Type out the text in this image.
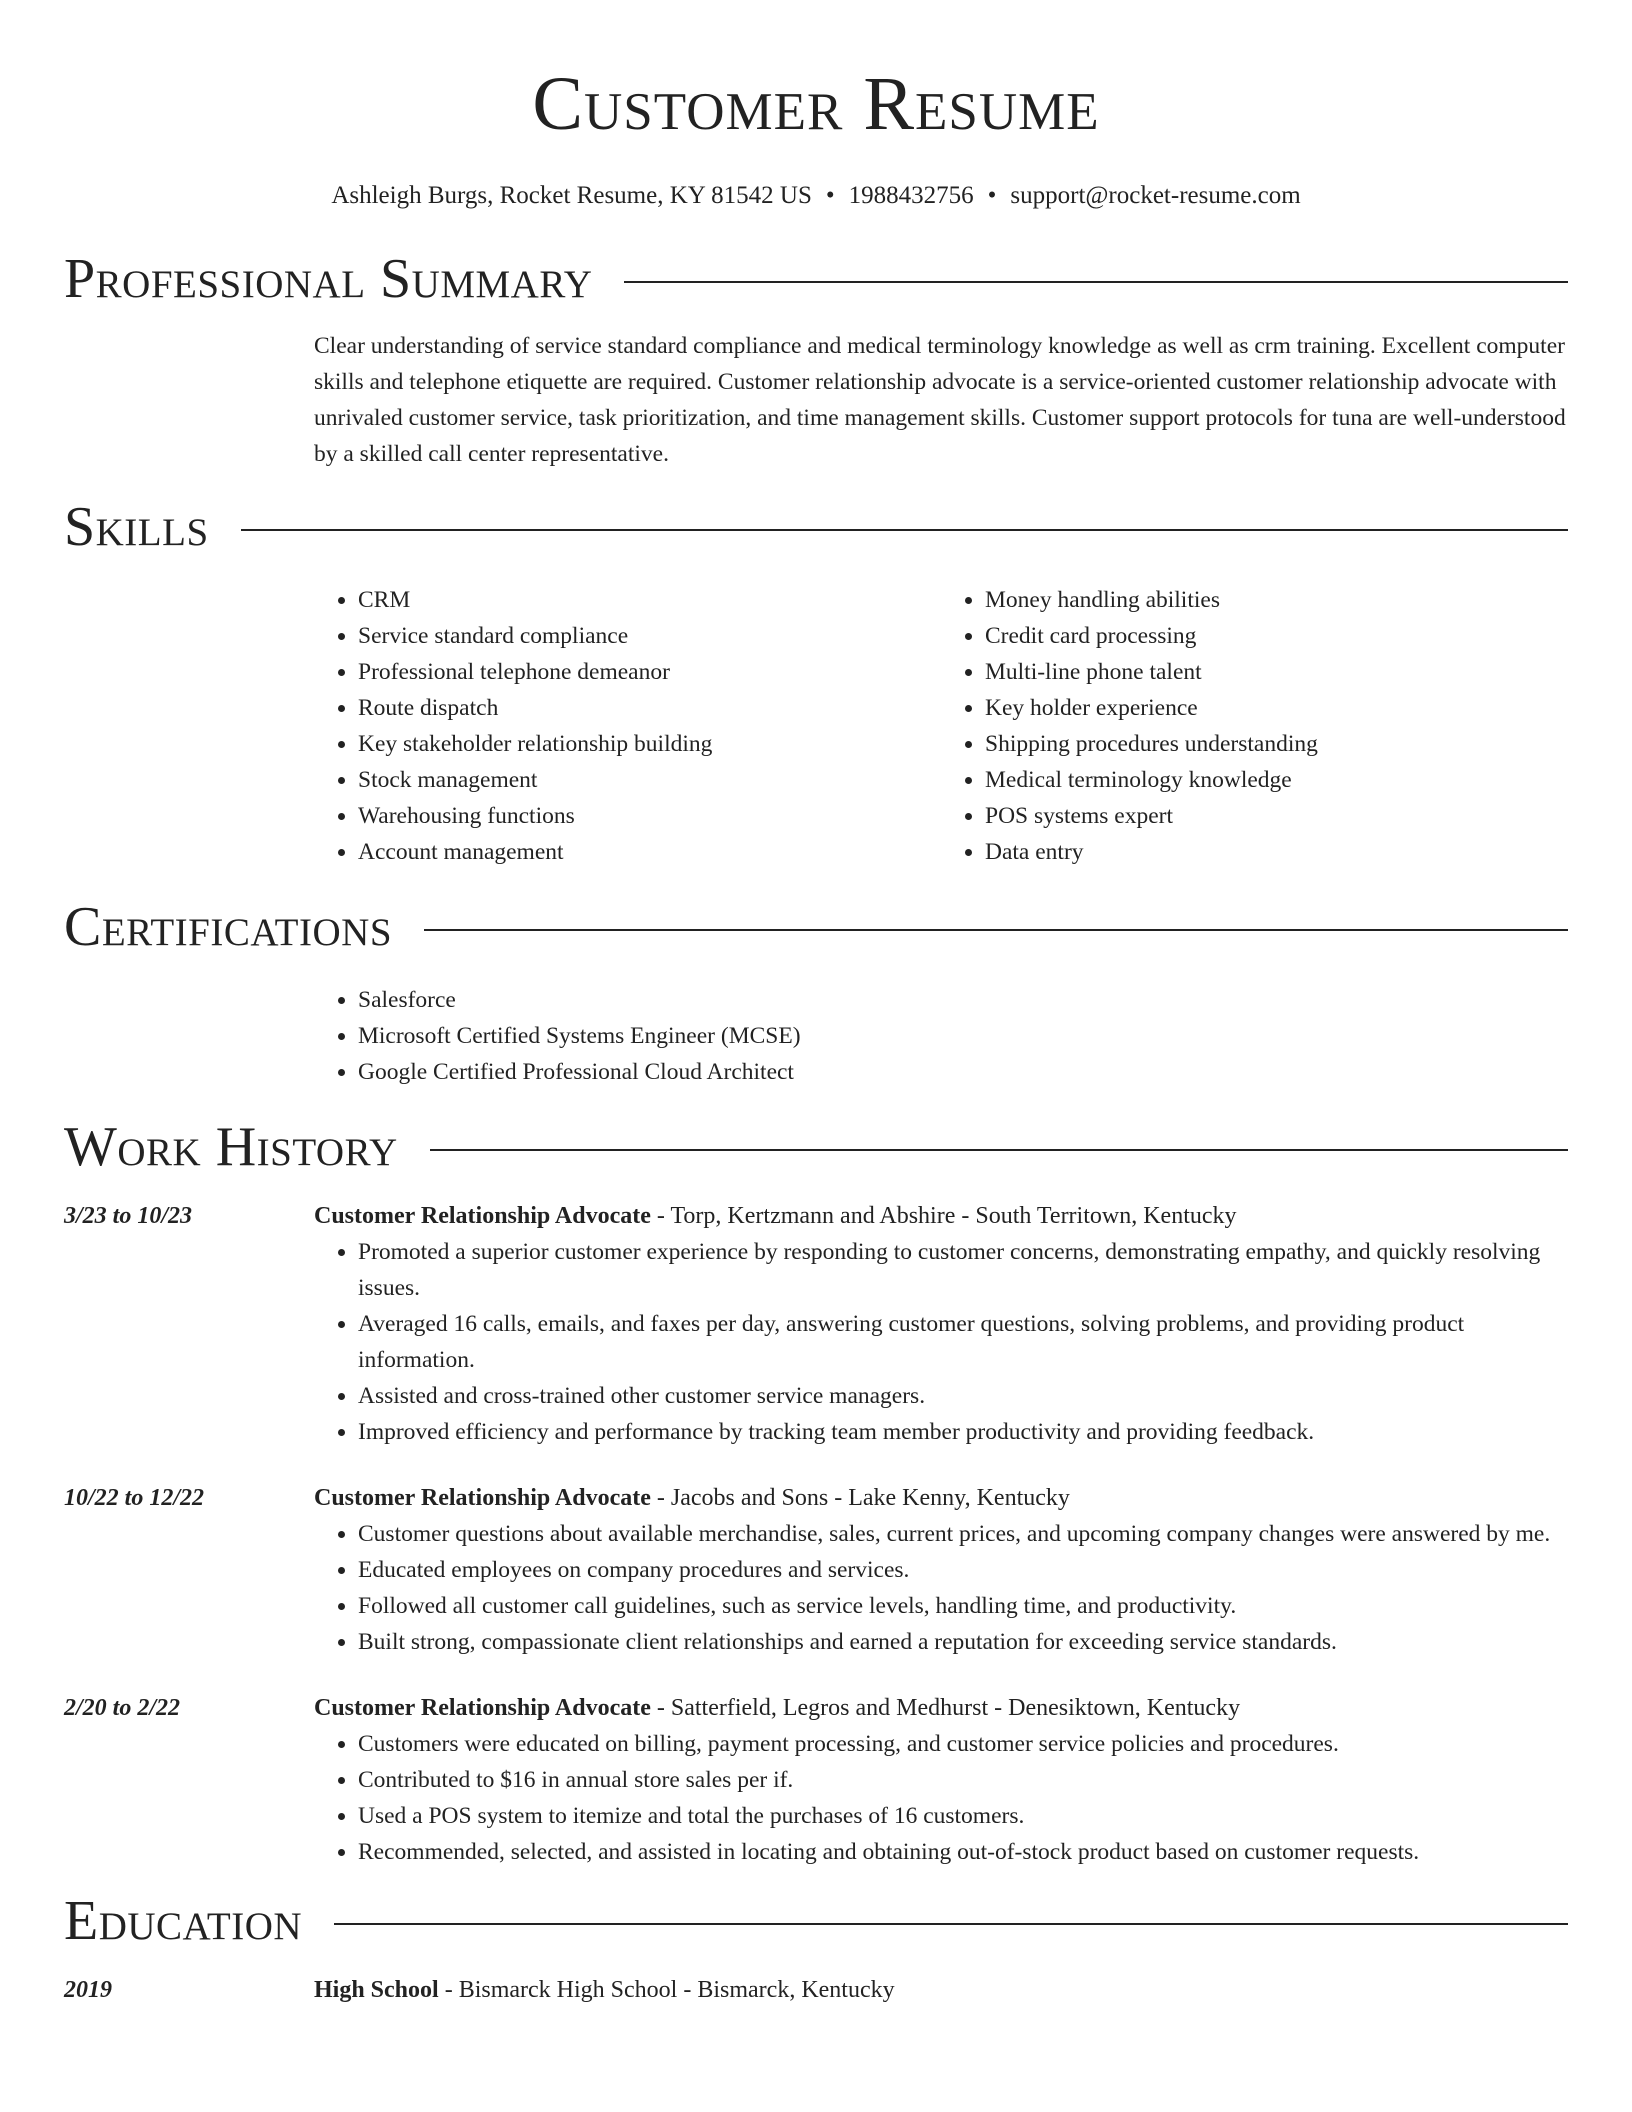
Customer Resume
Ashleigh Burgs, Rocket Resume, KY 81542 US • 1988432756 • support@rocket-resume.com
Professional Summary

Clear understanding of service standard compliance and medical terminology knowledge as well as crm training. Excellent computer skills and telephone etiquette are required. Customer relationship advocate is a service-oriented customer relationship advocate with unrivaled customer service, task prioritization, and time management skills. Customer support protocols for tuna are well-understood by a skilled call center representative.

Skills
• CRM
• Service standard compliance
• Professional telephone demeanor
• Route dispatch
• Key stakeholder relationship building
• Stock management
• Warehousing functions
• Account management
• Money handling abilities
• Credit card processing
• Multi-line phone talent
• Key holder experience
• Shipping procedures understanding
• Medical terminology knowledge
• POS systems expert
• Data entry
Certifications
• Salesforce
• Microsoft Certified Systems Engineer (MCSE)
• Google Certified Professional Cloud Architect
Work History
3/23 to 10/23	Customer Relationship Advocate - Torp, Kertzmann and Abshire - South Territown, Kentucky
• Promoted a superior customer experience by responding to customer concerns, demonstrating empathy, and quickly resolving issues.
• Averaged 16 calls, emails, and faxes per day, answering customer questions, solving problems, and providing product information.
• Assisted and cross-trained other customer service managers.
• Improved efficiency and performance by tracking team member productivity and providing feedback.
10/22 to 12/22	Customer Relationship Advocate - Jacobs and Sons - Lake Kenny, Kentucky
• Customer questions about available merchandise, sales, current prices, and upcoming company changes were answered by me.
• Educated employees on company procedures and services.
• Followed all customer call guidelines, such as service levels, handling time, and productivity.
• Built strong, compassionate client relationships and earned a reputation for exceeding service standards.
2/20 to 2/22	Customer Relationship Advocate - Satterfield, Legros and Medhurst - Denesiktown, Kentucky
• Customers were educated on billing, payment processing, and customer service policies and procedures.
• Contributed to $16 in annual store sales per if.
• Used a POS system to itemize and total the purchases of 16 customers.
• Recommended, selected, and assisted in locating and obtaining out-of-stock product based on customer requests.
Education
2019	High School - Bismarck High School - Bismarck, Kentucky
